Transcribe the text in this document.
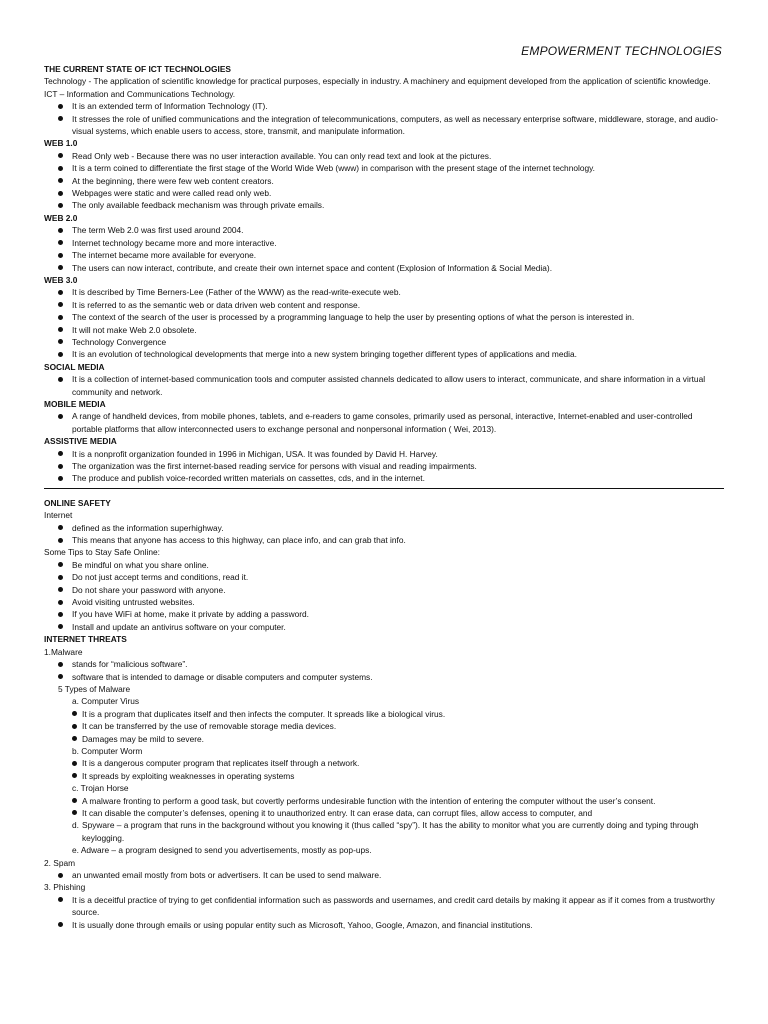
EMPOWERMENT TECHNOLOGIES
THE CURRENT STATE OF ICT TECHNOLOGIES
Technology - The application of scientific knowledge for practical purposes, especially in industry. A machinery and equipment developed from the application of scientific knowledge.
ICT – Information and Communications Technology.
It is an extended term of Information Technology (IT).
It stresses the role of unified communications and the integration of telecommunications, computers, as well as necessary enterprise software, middleware, storage, and audio-visual systems, which enable users to access, store, transmit, and manipulate information.
WEB 1.0
Read Only web - Because there was no user interaction available. You can only read text and look at the pictures.
It is a term coined to differentiate the first stage of the World Wide Web (www) in comparison with the present stage of the internet technology.
At the beginning, there were few web content creators.
Webpages were static and were called read only web.
The only available feedback mechanism was through private emails.
WEB 2.0
The term Web 2.0 was first used around 2004.
Internet technology became more and more interactive.
The internet became more available for everyone.
The users can now interact, contribute, and create their own internet space and content (Explosion of Information & Social Media).
WEB 3.0
It is described by Time Berners-Lee (Father of the WWW) as the read-write-execute web.
It is referred to as the semantic web or data driven web content and response.
The context of the search of the user is processed by a programming language to help the user by presenting options of what the person is interested in.
It will not make Web 2.0 obsolete.
Technology Convergence
It is an evolution of technological developments that merge into a new system bringing together different types of applications and media.
SOCIAL MEDIA
It is a collection of internet-based communication tools and computer assisted channels dedicated to allow users to interact, communicate, and share information in a virtual community and network.
MOBILE MEDIA
A range of handheld devices, from mobile phones, tablets, and e-readers to game consoles, primarily used as personal, interactive, Internet-enabled and user-controlled portable platforms that allow interconnected users to exchange personal and nonpersonal information ( Wei, 2013).
ASSISTIVE MEDIA
It is a nonprofit organization founded in 1996 in Michigan, USA. It was founded by David H. Harvey.
The organization was the first internet-based reading service for persons with visual and reading impairments.
The produce and publish voice-recorded written materials on cassettes, cds, and in the internet.
ONLINE SAFETY
Internet
defined as the information superhighway.
This means that anyone has access to this highway, can place info, and can grab that info.
Some Tips to Stay Safe Online:
Be mindful on what you share online.
Do not just accept terms and conditions, read it.
Do not share your password with anyone.
Avoid visiting untrusted websites.
If you have WiFi at home, make it private by adding a password.
Install and update an antivirus software on your computer.
INTERNET THREATS
1.Malware
stands for “malicious software”.
software that is intended to damage or disable computers and computer systems.
5 Types of Malware
a. Computer Virus
It is a program that duplicates itself and then infects the computer. It spreads like a biological virus.
It can be transferred by the use of removable storage media devices.
Damages may be mild to severe.
b. Computer Worm
It is a dangerous computer program that replicates itself through a network.
It spreads by exploiting weaknesses in operating systems
c. Trojan Horse
A malware fronting to perform a good task, but covertly performs undesirable function with the intention of entering the computer without the user’s consent.
It can disable the computer’s defenses, opening it to unauthorized entry. It can erase data, can corrupt files, allow access to computer, and
d. Spyware – a program that runs in the background without you knowing it (thus called “spy”). It has the ability to monitor what you are currently doing and typing through keylogging.
e. Adware – a program designed to send you advertisements, mostly as pop-ups.
2. Spam
an unwanted email mostly from bots or advertisers. It can be used to send malware.
3. Phishing
It is a deceitful practice of trying to get confidential information such as passwords and usernames, and credit card details by making it appear as if it comes from a trustworthy source.
It is usually done through emails or using popular entity such as Microsoft, Yahoo, Google, Amazon, and financial institutions.
